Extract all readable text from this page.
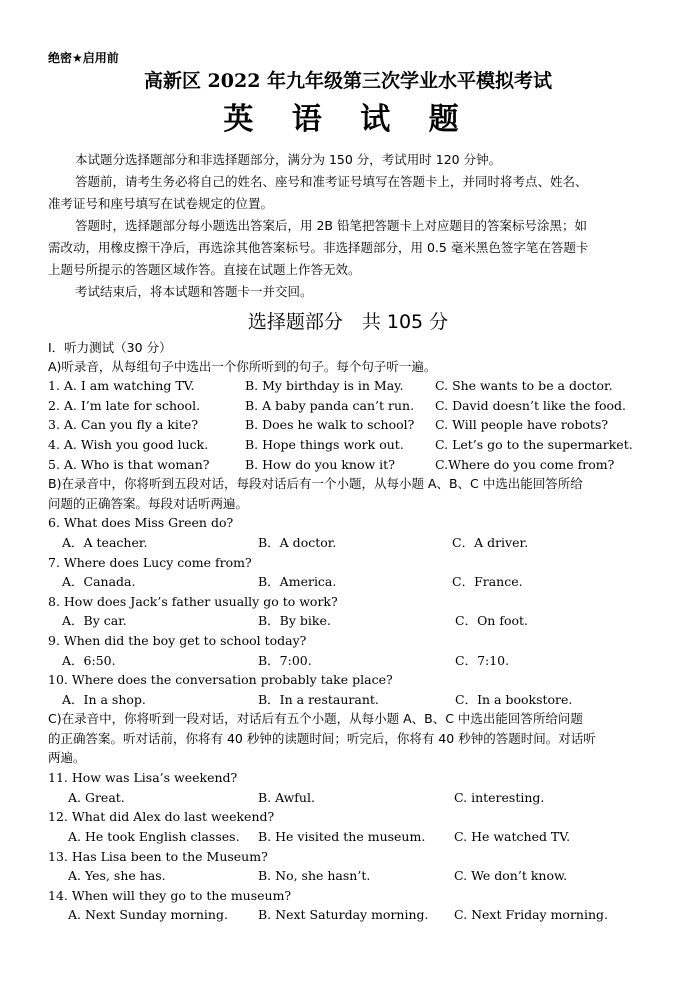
绝密★启用前
高新区 2022 年九年级第三次学业水平模拟考试
英 语 试 题
本试题分选择题部分和非选择题部分，满分为 150 分，考试用时 120 分钟。
答题前，请考生务必将自己的姓名、座号和准考证号填写在答题卡上，并同时将考点、姓名、
准考证号和座号填写在试卷规定的位置。
答题时，选择题部分每小题选出答案后，用 2B 铅笔把答题卡上对应题目的答案标号涂黑；如
需改动，用橡皮擦干净后，再选涂其他答案标号。非选择题部分，用 0.5 毫米黑色签字笔在答题卡
上题号所提示的答题区域作答。直接在试题上作答无效。
考试结束后，将本试题和答题卡一并交回。
选择题部分　共 105 分
I．听力测试（30 分）
A)听录音，从每组句子中选出一个你所听到的句子。每个句子听一遍。
1. A. I am watching TV.	B. My birthday is in May.	C. She wants to be a doctor.
2. A. I’m late for school.	B. A baby panda can’t run. C. David doesn’t like the food.
3. A. Can you fly a kite?	B. Does he walk to school? C. Will people have robots?
4. A. Wish you good luck.	B. Hope things work out. C. Let’s go to the supermarket.
5. A. Who is that woman?	B. How do you know it?	C.Where do you come from?
B)在录音中，你将听到五段对话，每段对话后有一个小题，从每小题 A、B、C 中选出能回答所给
问题的正确答案。每段对话听两遍。
6. What does Miss Green do?
A．A teacher.	B．A doctor.	C．A driver.
7. Where does Lucy come from?
A．Canada.	B．America.	C．France.
8. How does Jack’s father usually go to work?
A．By car.	B．By bike.	C．On foot.
9. When did the boy get to school today?
A．6:50.	B．7:00.	C．7:10.
10. Where does the conversation probably take place?
A．In a shop.	B．In a restaurant.	C．In a bookstore.
C)在录音中，你将听到一段对话，对话后有五个小题，从每小题 A、B、C 中选出能回答所给问题
的正确答案。听对话前，你将有 40 秒钟的读题时间；听完后，你将有 40 秒钟的答题时间。对话听
两遍。
11. How was Lisa’s weekend?
A. Great.	B. Awful.	C. interesting.
12. What did Alex do last weekend?
A. He took English classes. B. He visited the museum. C. He watched TV.
13. Has Lisa been to the Museum?
A. Yes, she has.	B. No, she hasn’t.	C. We don’t know.
14. When will they go to the museum?
A. Next Sunday morning. B. Next Saturday morning. C. Next Friday morning.
